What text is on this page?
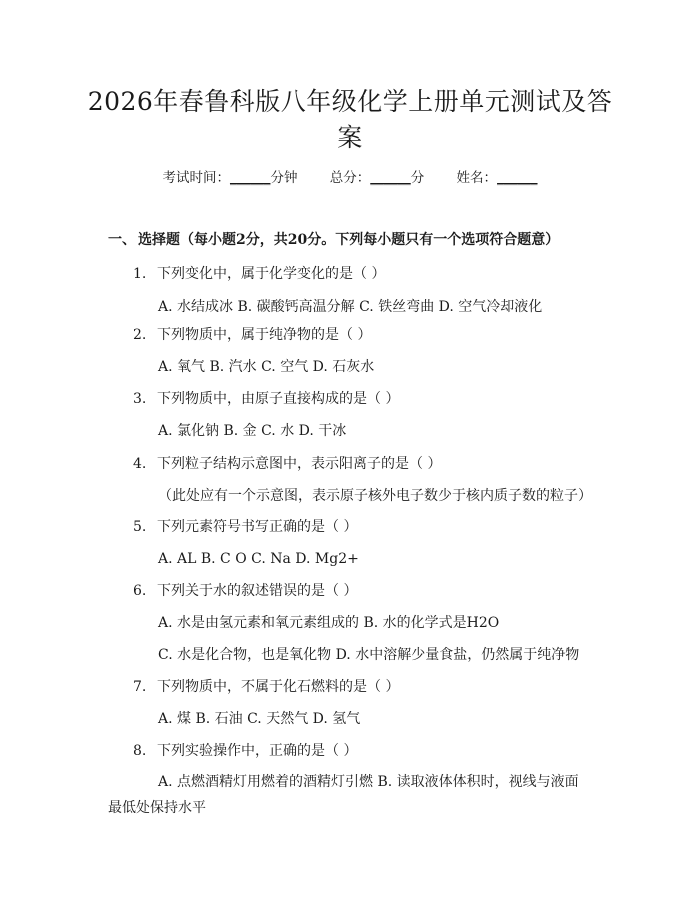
2026年春鲁科版八年级化学上册单元测试及答案
考试时间：______分钟 总分：______分 姓名：______
一、 选择题（每小题2分，共20分。下列每小题只有一个选项符合题意）
1. 下列变化中，属于化学变化的是（ ）
A. 水结成冰 B. 碳酸钙高温分解 C. 铁丝弯曲 D. 空气冷却液化
2. 下列物质中，属于纯净物的是（ ）
A. 氧气 B. 汽水 C. 空气 D. 石灰水
3. 下列物质中，由原子直接构成的是（ ）
A. 氯化钠 B. 金 C. 水 D. 干冰
4. 下列粒子结构示意图中，表示阳离子的是（ ）
（此处应有一个示意图，表示原子核外电子数少于核内质子数的粒子）
5. 下列元素符号书写正确的是（ ）
A. AL B. C O C. Na D. Mg2+
6. 下列关于水的叙述错误的是（ ）
A. 水是由氢元素和氧元素组成的 B. 水的化学式是H2O
C. 水是化合物，也是氧化物 D. 水中溶解少量食盐，仍然属于纯净物
7. 下列物质中，不属于化石燃料的是（ ）
A. 煤 B. 石油 C. 天然气 D. 氢气
8. 下列实验操作中，正确的是（ ）
A. 点燃酒精灯用燃着的酒精灯引燃 B. 读取液体体积时，视线与液面最低处保持水平
